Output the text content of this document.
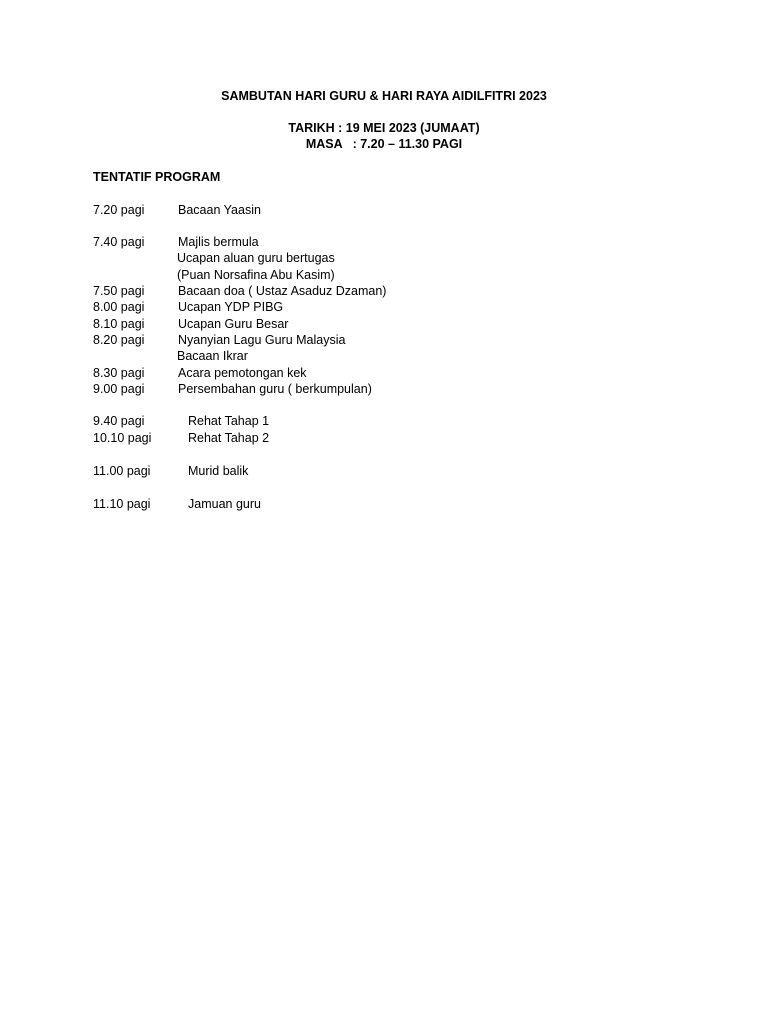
SAMBUTAN HARI GURU & HARI RAYA AIDILFITRI 2023
TARIKH : 19 MEI 2023 (JUMAAT)
MASA   : 7.20 – 11.30 PAGI
TENTATIF PROGRAM
7.20 pagi	Bacaan Yaasin
7.40 pagi	Majlis bermula
Ucapan aluan guru bertugas
(Puan Norsafina Abu Kasim)
7.50 pagi	Bacaan doa ( Ustaz Asaduz Dzaman)
8.00 pagi	Ucapan YDP PIBG
8.10 pagi	Ucapan Guru Besar
8.20 pagi	Nyanyian Lagu Guru Malaysia
Bacaan Ikrar
8.30 pagi	Acara pemotongan kek
9.00 pagi	Persembahan guru ( berkumpulan)
9.40 pagi	Rehat Tahap 1
10.10 pagi	Rehat Tahap 2
11.00 pagi	Murid balik
11.10 pagi	Jamuan guru
